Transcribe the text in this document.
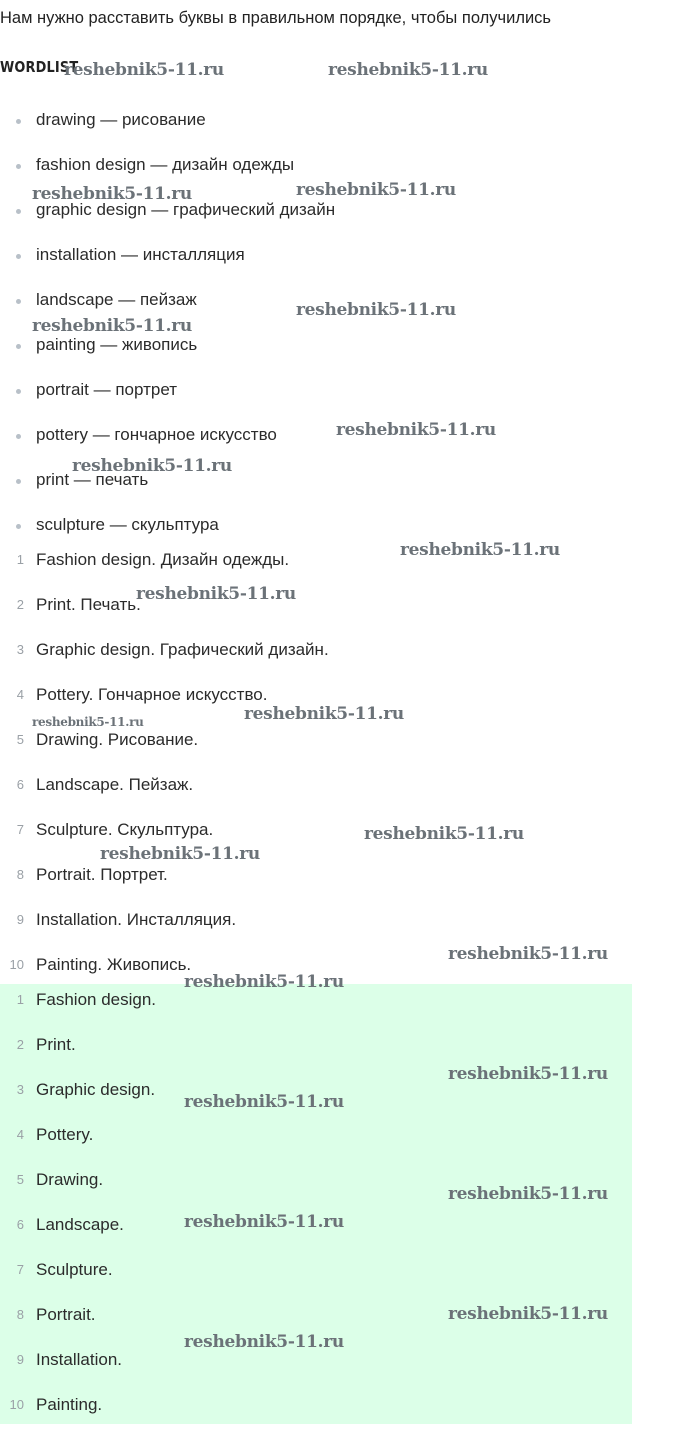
Нам нужно расставить буквы в правильном порядке, чтобы получились
WORDLIST
drawing — рисование
fashion design — дизайн одежды
graphic design — графический дизайн
installation — инсталляция
landscape — пейзаж
painting — живопись
portrait — портрет
pottery — гончарное искусство
print — печать
sculpture — скульптура
1 Fashion design. Дизайн одежды.
2 Print. Печать.
3 Graphic design. Графический дизайн.
4 Pottery. Гончарное искусство.
5 Drawing. Рисование.
6 Landscape. Пейзаж.
7 Sculpture. Скульптура.
8 Portrait. Портрет.
9 Installation. Инсталляция.
10 Painting. Живопись.
1 Fashion design.
2 Print.
3 Graphic design.
4 Pottery.
5 Drawing.
6 Landscape.
7 Sculpture.
8 Portrait.
9 Installation.
10 Painting.
reshebnik5-11.ru	reshebnik5-11.ru
reshebnik5-11.ru	reshebnik5-11.ru
reshebnik5-11.ru
reshebnik5-11.ru
reshebnik5-11.ru
reshebnik5-11.ru
reshebnik5-11.ru
reshebnik5-11.ru
reshebnik5-11.ru	reshebnik5-11.ru
reshebnik5-11.ru
reshebnik5-11.ru
reshebnik5-11.ru
reshebnik5-11.ru
reshebnik5-11.ru
reshebnik5-11.ru
reshebnik5-11.ru
reshebnik5-11.ru
reshebnik5-11.ru
reshebnik5-11.ru
